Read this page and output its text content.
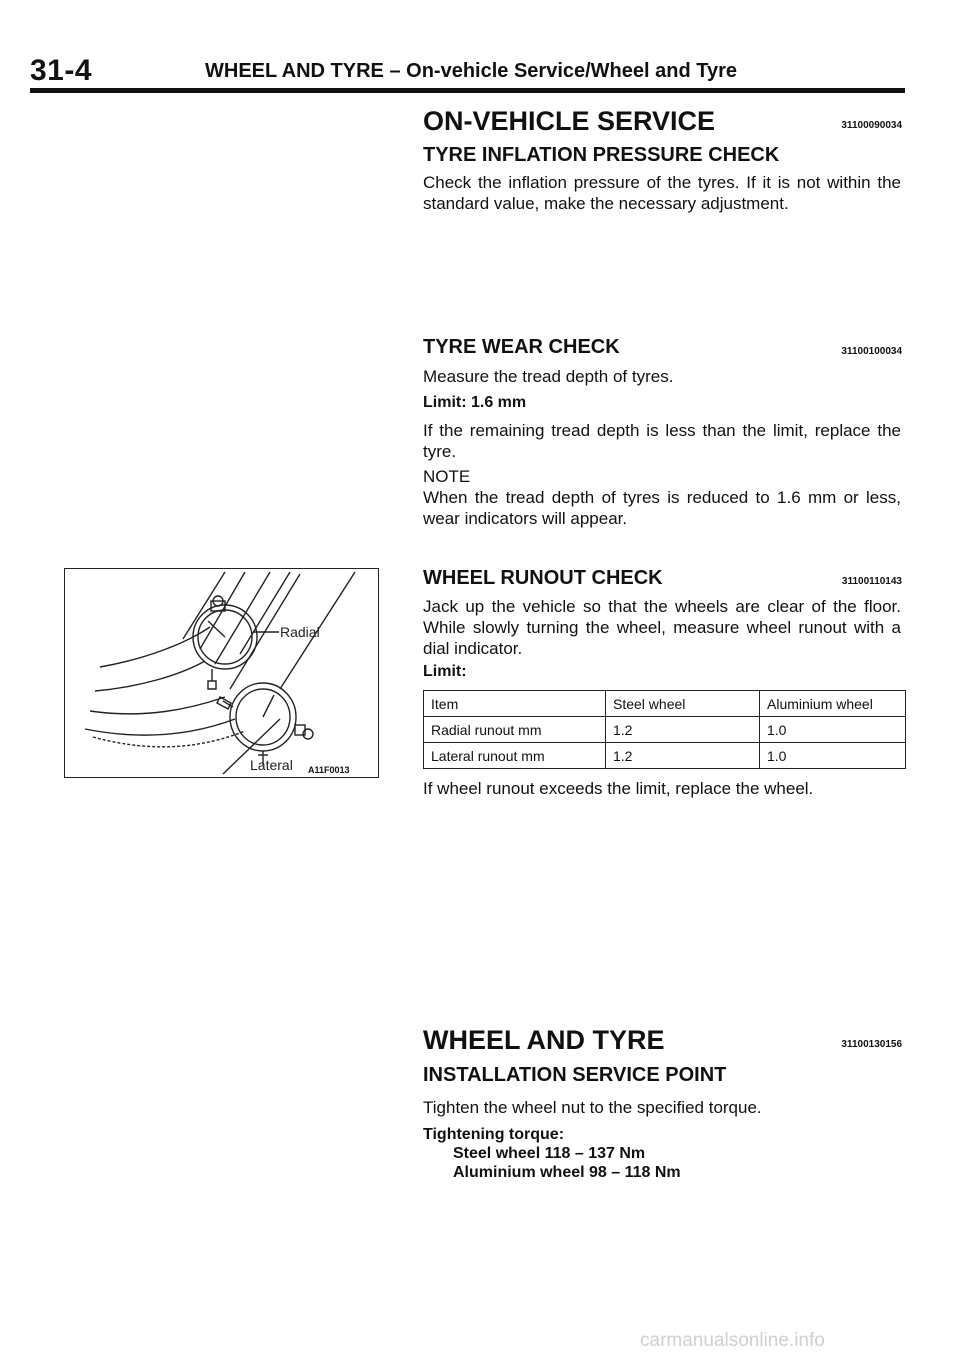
31-4	WHEEL AND TYRE – On-vehicle Service/Wheel and Tyre
ON-VEHICLE SERVICE	31100090034
TYRE INFLATION PRESSURE CHECK
Check the inflation pressure of the tyres. If it is not within the standard value, make the necessary adjustment.
TYRE WEAR CHECK	31100100034
Measure the tread depth of tyres.
Limit: 1.6 mm
If the remaining tread depth is less than the limit, replace the tyre.
NOTE
When the tread depth of tyres is reduced to 1.6 mm or less, wear indicators will appear.
WHEEL RUNOUT CHECK	31100110143
Jack up the vehicle so that the wheels are clear of the floor. While slowly turning the wheel, measure wheel runout with a dial indicator.
Limit:
Item	Steel wheel	Aluminium wheel
Radial runout mm	1.2	1.0
Lateral runout mm	1.2	1.0
If wheel runout exceeds the limit, replace the wheel.
Radial
Lateral A11F0013
WHEEL AND TYRE	31100130156
INSTALLATION SERVICE POINT
Tighten the wheel nut to the specified torque.
Tightening torque:
Steel wheel 118 – 137 Nm
Aluminium wheel 98 – 118 Nm
carmanualsonline.info
